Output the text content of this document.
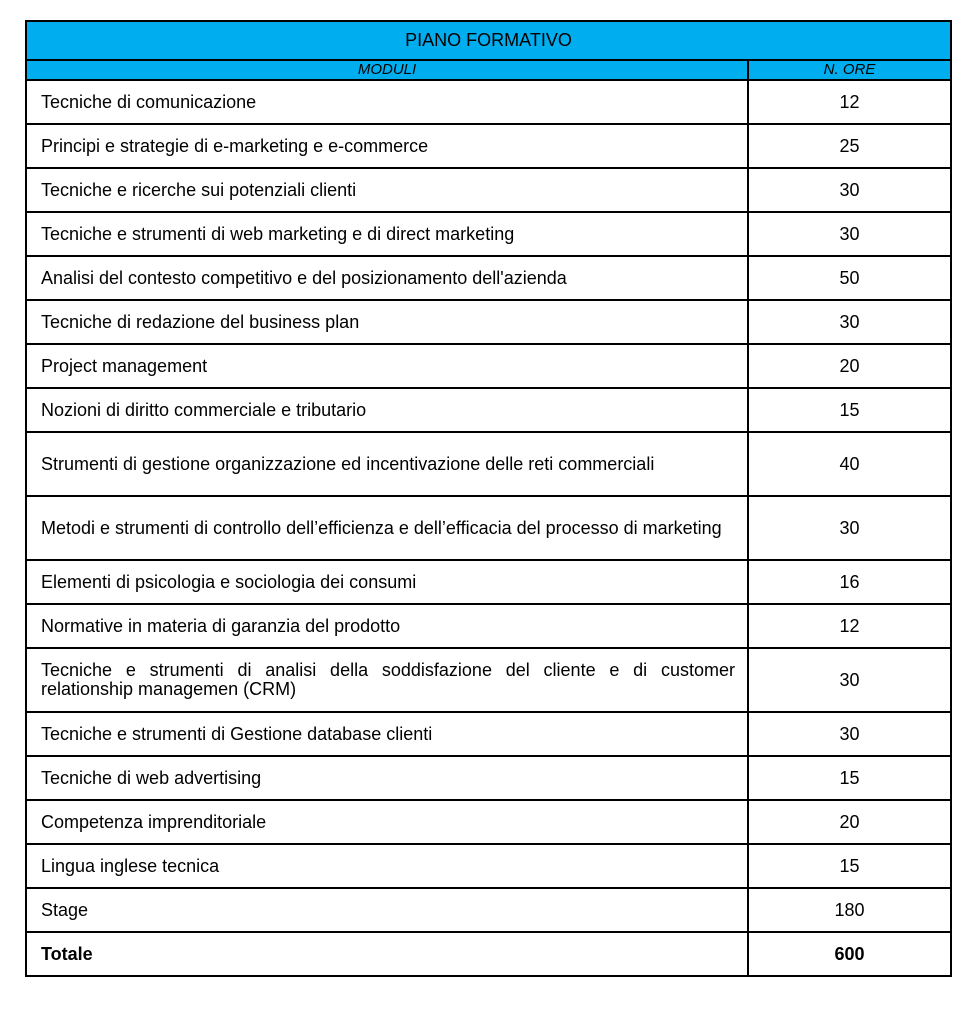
PIANO FORMATIVO	
MODULI	N. ORE
Tecniche di comunicazione	12
Principi e strategie di e-marketing e e-commerce	25
Tecniche e ricerche sui potenziali clienti	30
Tecniche e strumenti di web marketing e di direct marketing	30
Analisi del contesto competitivo e del posizionamento dell'azienda	50
Tecniche di redazione del business plan	30
Project management	20
Nozioni di diritto commerciale e tributario	15
Strumenti di gestione organizzazione ed incentivazione delle reti commerciali	40
Metodi e strumenti di controllo dell’efficienza e dell’efficacia del processo di marketing	30
Elementi di psicologia e sociologia dei consumi	16
Normative in materia di garanzia del prodotto	12
Tecniche e strumenti di analisi della soddisfazione del cliente e di customer relationship managemen (CRM)	30
Tecniche e strumenti di Gestione database clienti	30
Tecniche di web advertising	15
Competenza imprenditoriale	20
Lingua inglese tecnica	15
Stage	180
Totale	600
